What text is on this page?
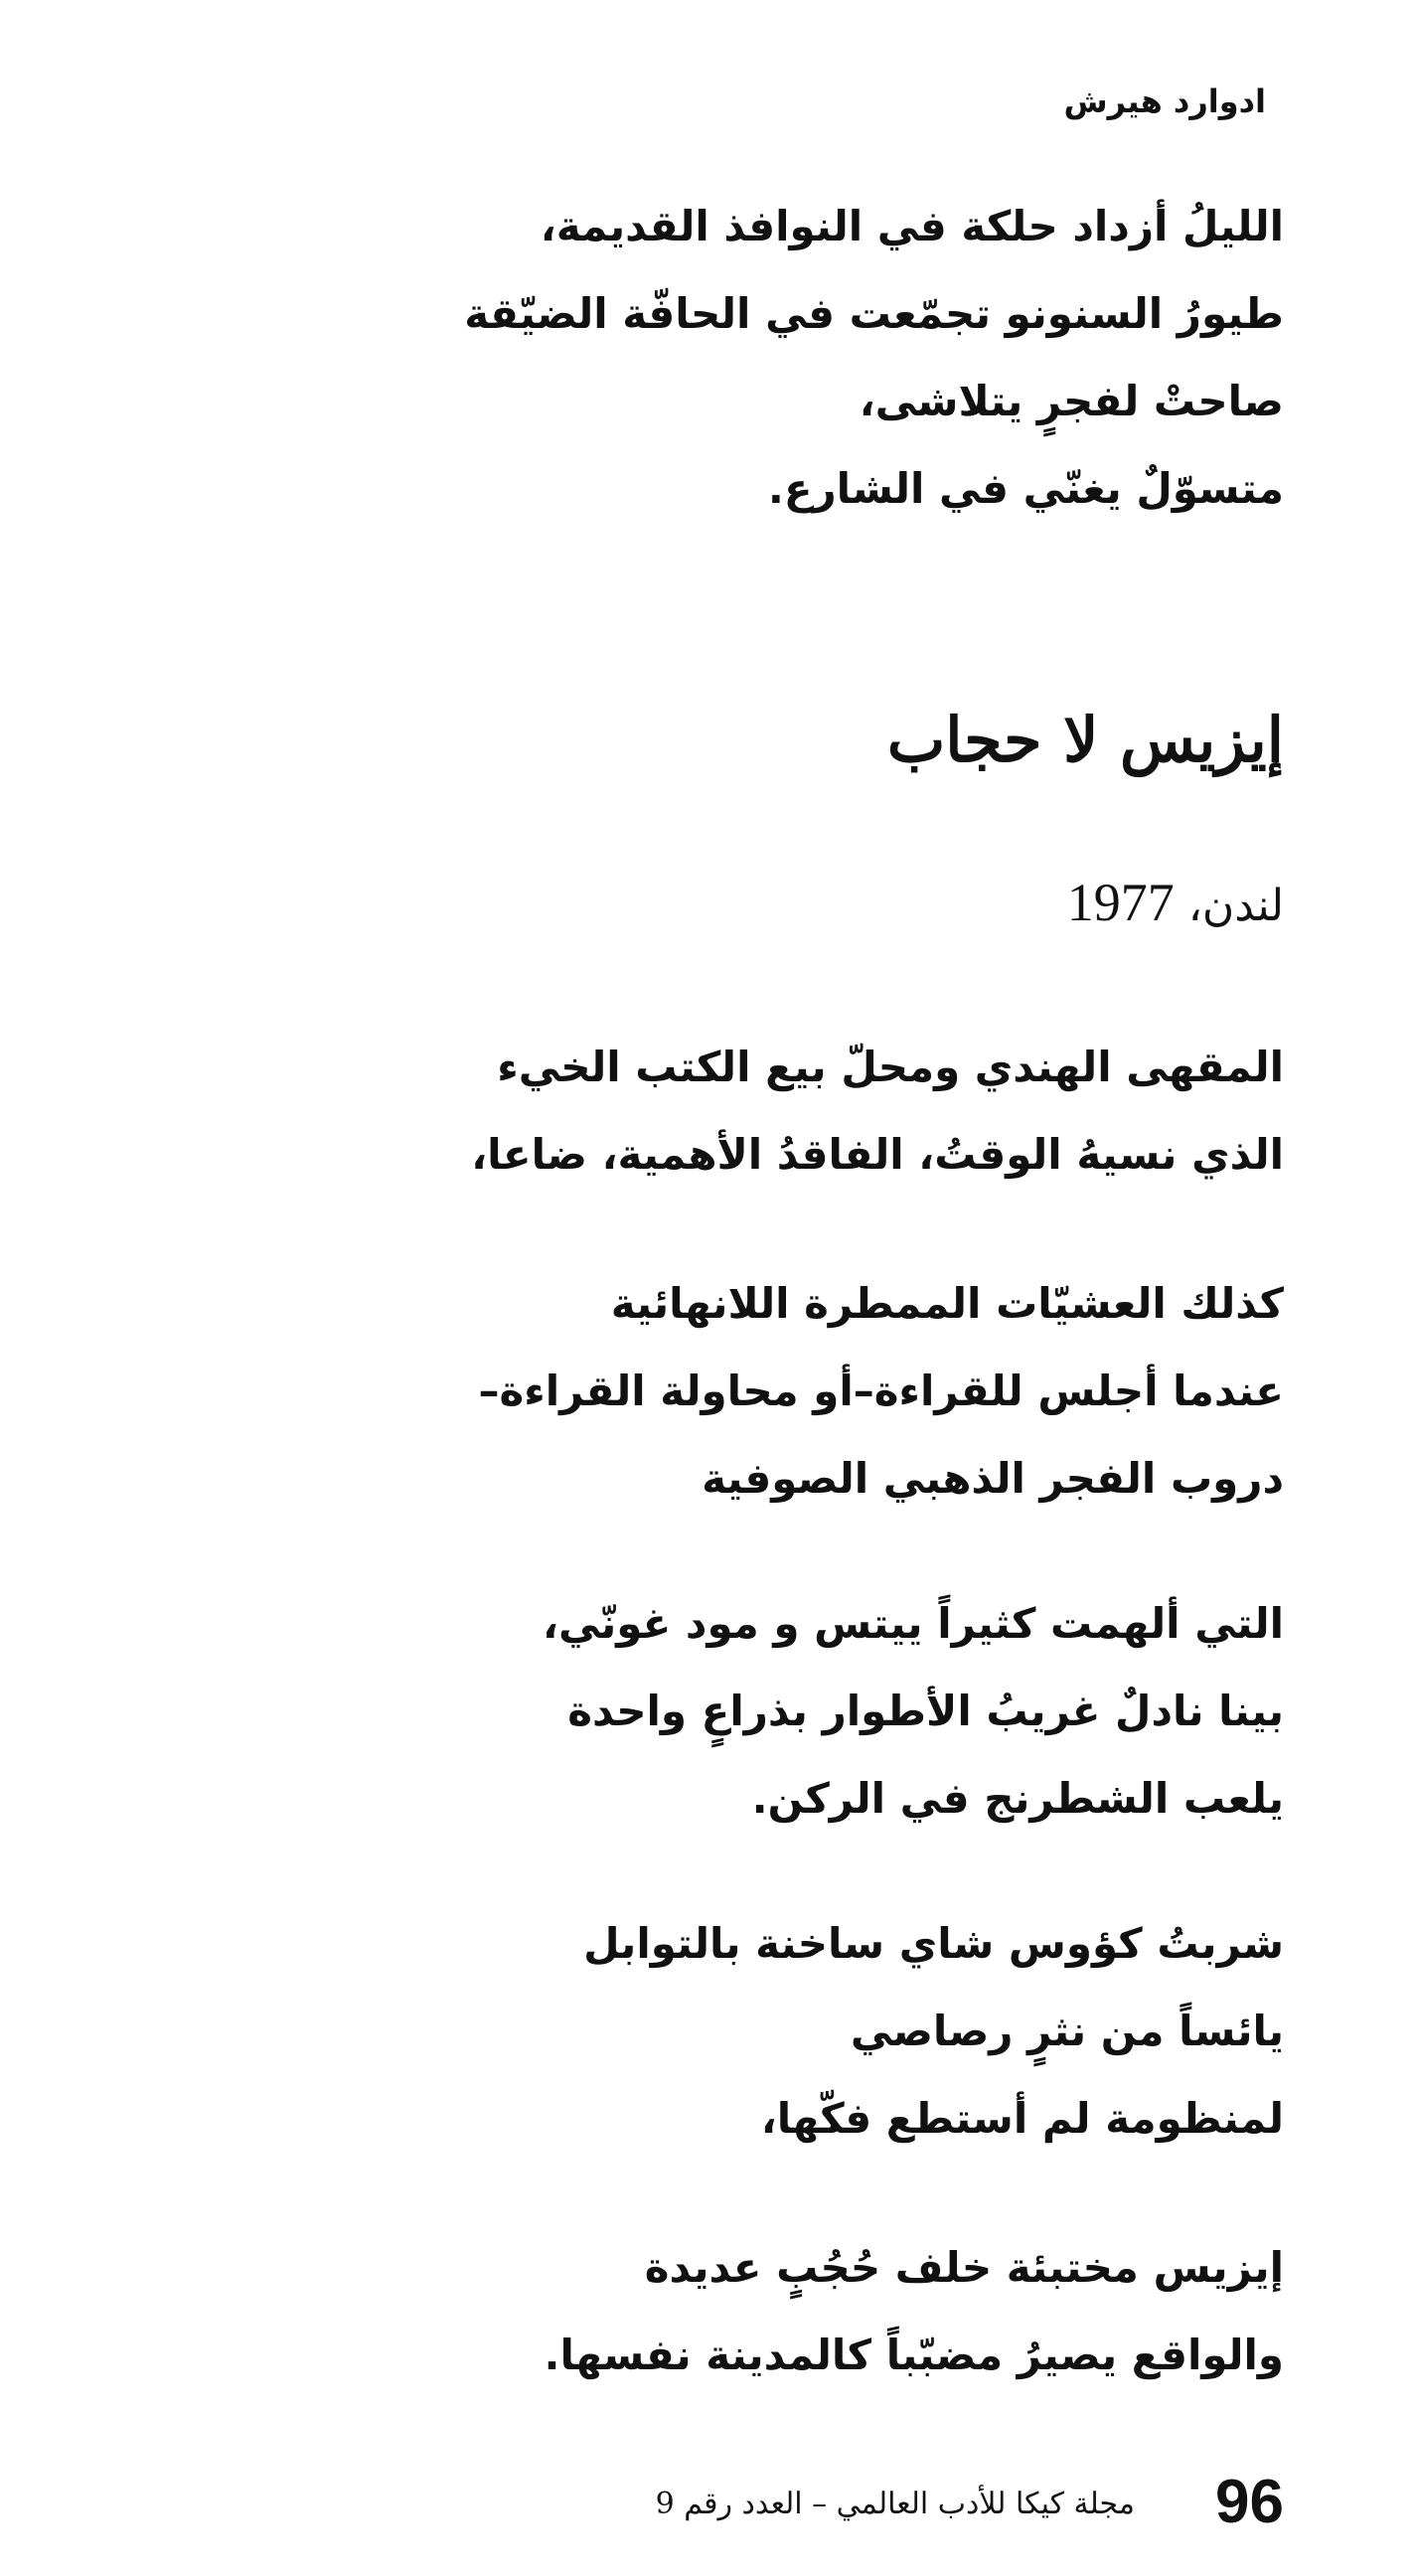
ادوارد هيرش
الليلُ أزداد حلكة في النوافذ القديمة،
طيورُ السنونو تجمّعت في الحافّة الضيّقة
صاحتْ لفجرٍ يتلاشى،
متسوّلٌ يغنّي في الشارع.
إيزيس لا حجاب
لندن، 1977
المقهى الهندي ومحلّ بيع الكتب الخيء
الذي نسيهُ الوقتُ، الفاقدُ الأهمية، ضاعا،
كذلك العشيّات الممطرة اللانهائية
عندما أجلس للقراءة–أو محاولة القراءة–
دروب الفجر الذهبي الصوفية
التي ألهمت كثيراً ييتس و مود غونّي،
بينا نادلٌ غريبُ الأطوار بذراعٍ واحدة
يلعب الشطرنج في الركن.
شربتُ كؤوس شاي ساخنة بالتوابل
يائساً من نثرٍ رصاصي
لمنظومة لم أستطع فكّها،
إيزيس مختبئة خلف حُجُبٍ عديدة
والواقع يصيرُ مضبّباً كالمدينة نفسها.
96
مجلة كيكا للأدب العالمي – العدد رقم 9
